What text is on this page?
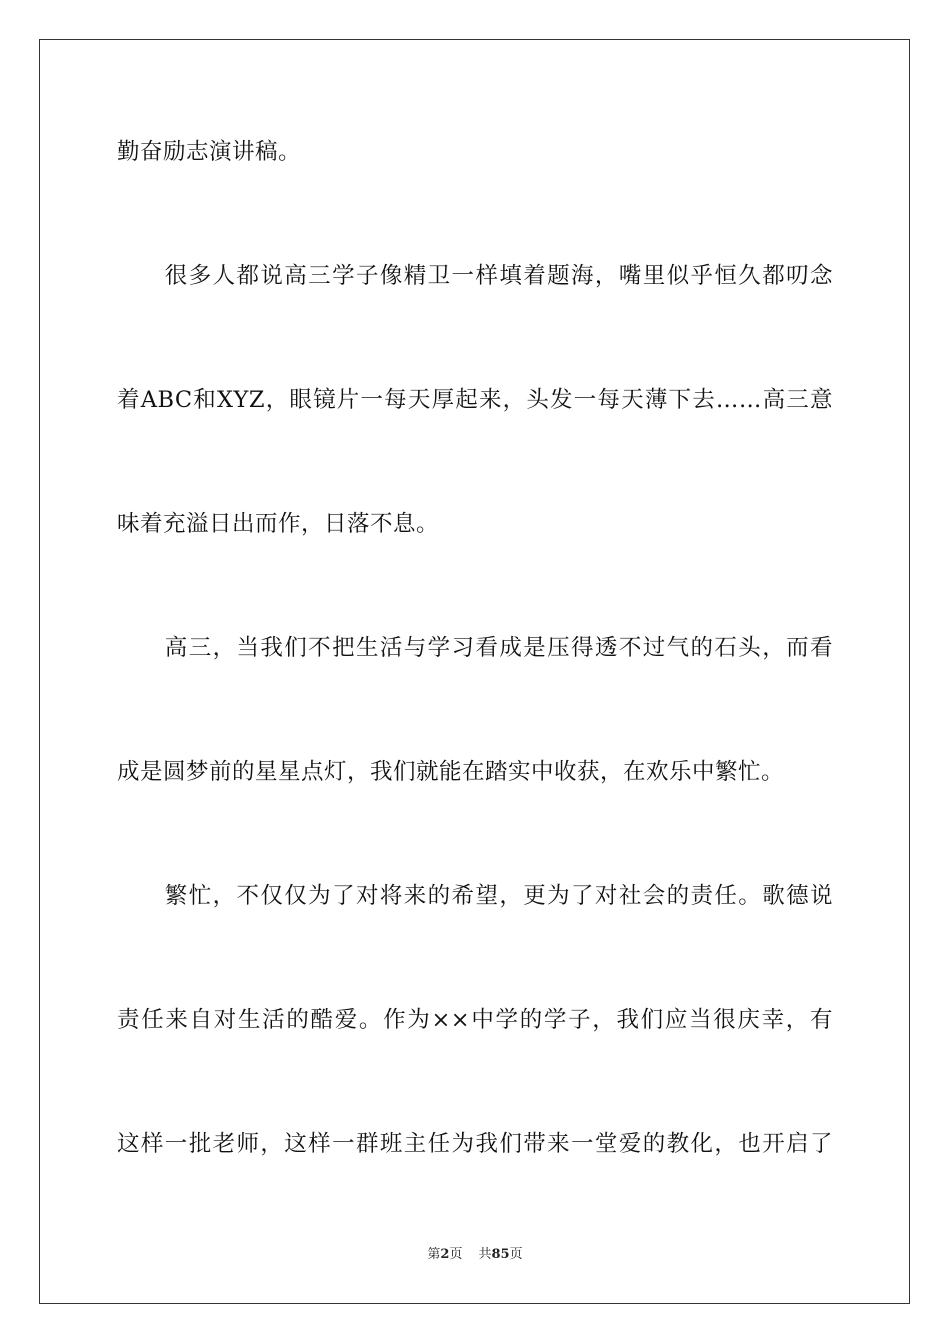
勤奋励志演讲稿。
　　很多人都说高三学子像精卫一样填着题海，嘴里似乎恒久都叨念
着ABC和XYZ，眼镜片一每天厚起来，头发一每天薄下去……高三意
味着充溢日出而作，日落不息。
　　高三，当我们不把生活与学习看成是压得透不过气的石头，而看
成是圆梦前的星星点灯，我们就能在踏实中收获，在欢乐中繁忙。
　　繁忙，不仅仅为了对将来的希望，更为了对社会的责任。歌德说
责任来自对生活的酷爱。作为××中学的学子，我们应当很庆幸，有
这样一批老师，这样一群班主任为我们带来一堂爱的教化，也开启了
第2页 共85页
